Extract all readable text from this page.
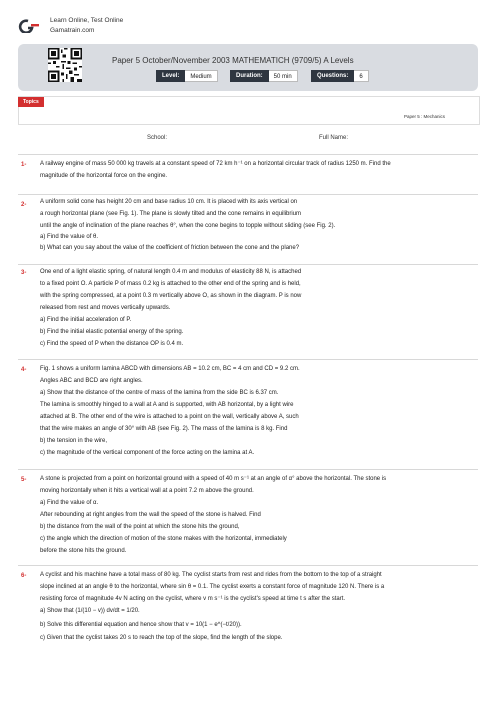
Learn Online, Test Online
Gamatrain.com
Paper 5 October/November 2003 MATHEMATICH (9709/5) A Levels
Level:	Medium	Duration:	50 min	Questions:	6
Topics
Paper 5 : Mechanics
School:	Full Name:
1- A railway engine of mass 50 000 kg travels at a constant speed of 72 km h⁻¹ on a horizontal circular track of radius 1250 m. Find the
magnitude of the horizontal force on the engine.
2- A uniform solid cone has height 20 cm and base radius 10 cm. It is placed with its axis vertical on
a rough horizontal plane (see Fig. 1). The plane is slowly tilted and the cone remains in equilibrium
until the angle of inclination of the plane reaches θ°, when the cone begins to topple without sliding (see Fig. 2).
a) Find the value of θ.
b) What can you say about the value of the coefficient of friction between the cone and the plane?
3- One end of a light elastic spring, of natural length 0.4 m and modulus of elasticity 88 N, is attached
to a fixed point O. A particle P of mass 0.2 kg is attached to the other end of the spring and is held,
with the spring compressed, at a point 0.3 m vertically above O, as shown in the diagram. P is now
released from rest and moves vertically upwards.
a) Find the initial acceleration of P.
b) Find the initial elastic potential energy of the spring.
c) Find the speed of P when the distance OP is 0.4 m.
4- Fig. 1 shows a uniform lamina ABCD with dimensions AB = 10.2 cm, BC = 4 cm and CD = 9.2 cm.
Angles ABC and BCD are right angles.
a) Show that the distance of the centre of mass of the lamina from the side BC is 6.37 cm.
The lamina is smoothly hinged to a wall at A and is supported, with AB horizontal, by a light wire
attached at B. The other end of the wire is attached to a point on the wall, vertically above A, such
that the wire makes an angle of 30° with AB (see Fig. 2). The mass of the lamina is 8 kg. Find
b) the tension in the wire,
c) the magnitude of the vertical component of the force acting on the lamina at A.
5- A stone is projected from a point on horizontal ground with a speed of 40 m s⁻¹ at an angle of α° above the horizontal. The stone is
moving horizontally when it hits a vertical wall at a point 7.2 m above the ground.
a) Find the value of α.
After rebounding at right angles from the wall the speed of the stone is halved. Find
b) the distance from the wall of the point at which the stone hits the ground,
c) the angle which the direction of motion of the stone makes with the horizontal, immediately
before the stone hits the ground.
6- A cyclist and his machine have a total mass of 80 kg. The cyclist starts from rest and rides from the bottom to the top of a straight
slope inclined at an angle θ to the horizontal, where sin θ = 0.1. The cyclist exerts a constant force of magnitude 120 N. There is a
resisting force of magnitude 4v N acting on the cyclist, where v m s⁻¹ is the cyclist's speed at time t s after the start.
a) Show that (1/(10 − v)) dv/dt = 1/20.
b) Solve this differential equation and hence show that v = 10(1 − e^(−t/20)).
c) Given that the cyclist takes 20 s to reach the top of the slope, find the length of the slope.
